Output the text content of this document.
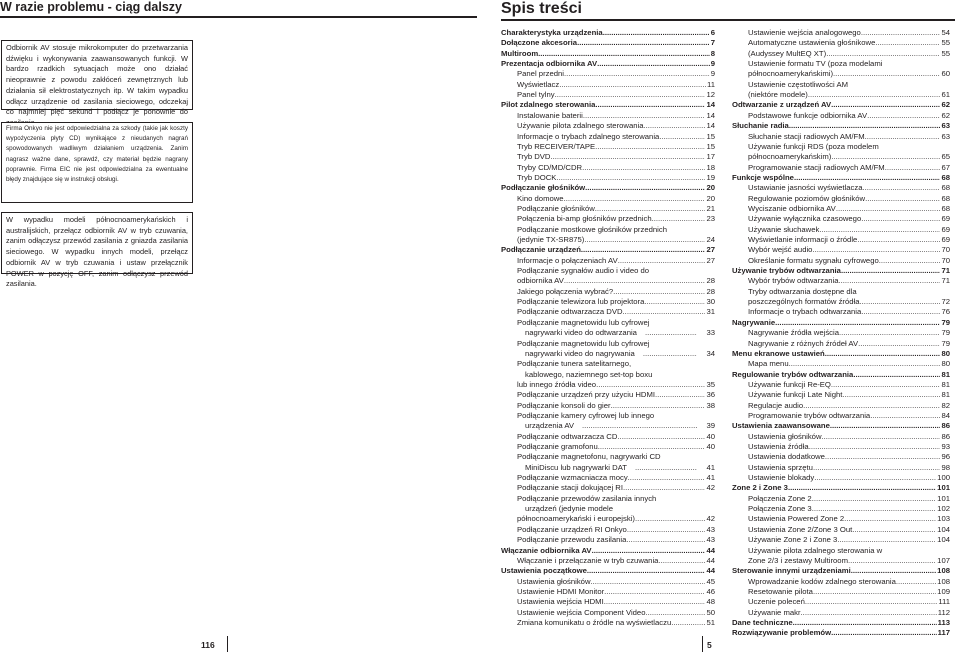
W razie problemu - ciąg dalszy

Odbiornik AV stosuje mikrokomputer do przetwarzania dźwięku i wykonywania zaawansowanych funkcji. W bardzo rzadkich sytuacjach może ono działać nieoprawnie z powodu zakłóceń zewnętrznych lub działania sił elektrostatycznych itp. W takim wypadku odłącz urządzenie od zasilania sieciowego, odczekaj co najmniej pięć sekund i podłącz je ponownie do

Firma Onkyo nie jest odpowiedzialna za szkody (takie jak koszty wypożyczenia płyty CD) wynikające z nieudanych nagrań spowodowanych wadliwym działaniem urządzenia. Zanim nagrasz ważne dane, sprawdź, czy materiał będzie nagrany poprawnie. Firma EIC nie jest odpowiedzialna za ewentualne błędy znajdujące się w instrukcji obsługi.

W wypadku modeli północnoamerykańskich i australijskich, przełącz odbiornik AV w tryb czuwania, zanim odłączysz przewód zasilania z gniazda zasilania sieciowego. W wypadku innych modeli, przełącz odbiornik AV w tryb czuwania i ustaw przełącznik POWER w pozycję OFF, zanim odłączysz przewód zasilania.

116
Spis treści
Charakterystyka urządzenia .....	6
Dołączone akcesoria .....	7
Multiroom .....	8
Prezentacja odbiornika AV .....	9
Panel przedni .....	9
Wyświetlacz .....	11
Panel tylny .....	12
Pilot zdalnego sterowania .....	14
Instalowanie baterii .....	14
Używanie pilota zdalnego sterowania .....	14
Informacje o trybach zdalnego sterowania .....	15
Tryb RECEIVER/TAPE .....	15
Tryb DVD .....	17
Tryby CD/MD/CDR .....	18
Tryb DOCK .....	19
Podłączanie głośników .....	20
Kino domowe .....	20
Podłączanie głośników .....	21
Połączenia bi-amp głośników przednich .....	23
Podłączanie mostkowe głośników przednich
(jedynie TX-SR875) .....	24
Podłączanie urządzeń .....	27
Informacje o połączeniach AV .....	27
Podłączanie sygnałów audio i video do
odbiornika AV .....	28
Jakiego połączenia wybrać? .....	28
Podłączanie telewizora lub projektora .....	30
Podłączanie odtwarzacza DVD .....	31
Podłączanie magnetowidu lub cyfrowej
nagrywarki video do odtwarzania .....	33
Podłączanie magnetowidu lub cyfrowej
nagrywarki video do nagrywania .....	34
Podłączanie tunera satelitarnego,
kablowego, naziemnego set-top boxu
lub innego źródła video .....	35
Podłączanie urządzeń przy użyciu HDMI .....	36
Podłączanie konsoli do gier .....	38
Podłączanie kamery cyfrowej lub innego
urządzenia AV .....	39
Podłączanie odtwarzacza CD .....	40
Podłączanie gramofonu .....	40
Podłączanie magnetofonu, nagrywarki CD
MiniDiscu lub nagrywarki DAT .....	41
Podłączanie wzmacniacza mocy .....	41
Podłączanie stacji dokującej RI .....	42
Podłączanie przewodów zasilania innych
urządzeń (jedynie modele
północnoamerykański i europejski) .....	42
Podłączanie urządzeń RI Onkyo .....	43
Podłączanie przewodu zasilania .....	43
Włączanie odbiornika AV .....	44
Włączanie i przełączanie w tryb czuwania .....	44
Ustawienia początkowe .....	44
Ustawienia głośników .....	45
Ustawienie HDMI Monitor .....	46
Ustawienia wejścia HDMI .....	48
Ustawienie wejścia Component Video .....	50
Zmiana komunikatu o źródle na wyświetlaczu .....	51
Ustawienie wejścia analogowego .....	54
Automatyczne ustawienia głośnikowe .....	55
(Audyssey MultEQ XT) .....	55
Ustawienie formatu TV (poza modelami
północnoamerykańskimi) .....	60
Ustawienie częstotliwości AM
(niektóre modele) .....	61
Odtwarzanie z urządzeń AV .....	62
Podstawowe funkcje odbiornika AV .....	62
Słuchanie radia .....	63
Słuchanie stacji radiowych AM/FM .....	63
Używanie funkcji RDS (poza modelem
północnoamerykańskim) .....	65
Programowanie stacji radiowych AM/FM .....	67
Funkcje wspólne .....	68
Ustawianie jasności wyświetlacza .....	68
Regulowanie poziomów głośników .....	68
Wyciszanie odbiornika AV .....	68
Używanie wyłącznika czasowego .....	69
Używanie słuchawek .....	69
Wyświetlanie informacji o źródle .....	69
Wybór wejść audio .....	70
Określanie formatu sygnału cyfrowego .....	70
Używanie trybów odtwarzania .....	71
Wybór trybów odtwarzania .....	71
Tryby odtwarzania dostępne dla
poszczególnych formatów źródła .....	72
Informacje o trybach odtwarzania .....	76
Nagrywanie .....	79
Nagrywanie źródła wejścia .....	79
Nagrywanie z różnych źródeł AV .....	79
Menu ekranowe ustawień .....	80
Mapa menu .....	80
Regulowanie trybów odtwarzania .....	81
Używanie funkcji Re-EQ .....	81
Używanie funkcji Late Night .....	81
Regulacje audio .....	82
Programowanie trybów odtwarzania .....	84
Ustawienia zaawansowane .....	86
Ustawienia głośników .....	86
Ustawienia źródła .....	93
Ustawienia dodatkowe .....	96
Ustawienia sprzętu .....	98
Ustawienie blokady .....	100
Zone 2 i Zone 3 .....	101
Połączenia Zone 2 .....	101
Połączenia Zone 3 .....	102
Ustawienia Powered Zone 2 .....	103
Ustawienia Zone 2/Zone 3 Out .....	104
Używanie Zone 2 i Zone 3 .....	104
Używanie pilota zdalnego sterowania w
Zone 2/3 i zestawy Multiroom .....	107
Sterowanie innymi urządzeniami .....	108
Wprowadzanie kodów zdalnego sterowania .....	108
Resetowanie pilota .....	109
Uczenie poleceń .....	111
Używanie makr .....	112
Dane techniczne .....	113
Rozwiązywanie problemów .....	117
5
